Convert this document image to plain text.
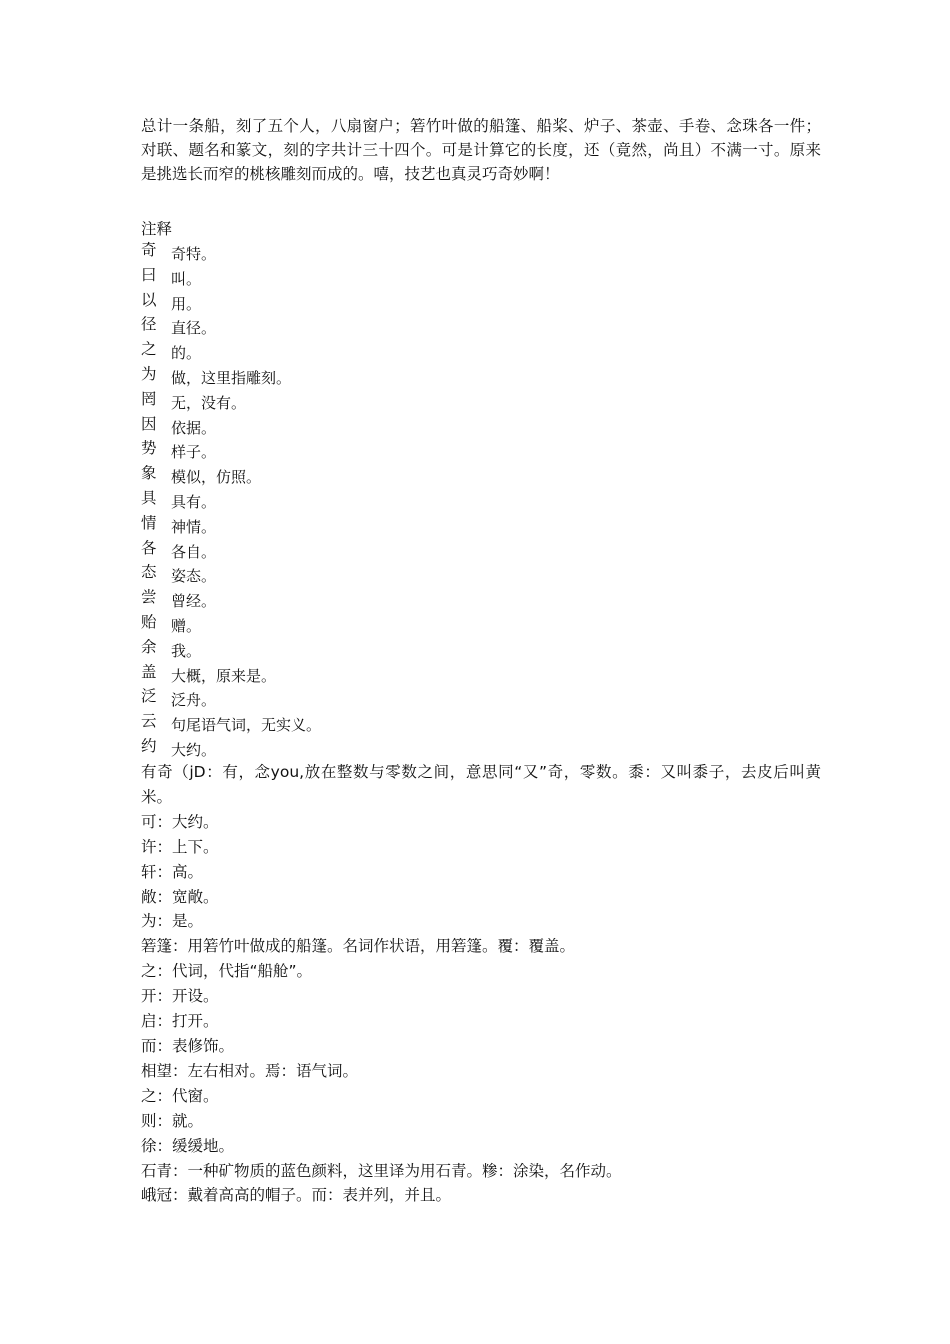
总计一条船，刻了五个人，八扇窗户；箬竹叶做的船篷、船桨、炉子、茶壶、手卷、念珠各一件；对联、题名和篆文，刻的字共计三十四个。可是计算它的长度，还（竟然，尚且）不满一寸。原来是挑选长而窄的桃核雕刻而成的。嘻，技艺也真灵巧奇妙啊！

注释
奇 奇特。
曰 叫。
以 用。
径 直径。
之 的。
为 做，这里指雕刻。
罔 无，没有。
因 依据。
势 样子。
象 模似，仿照。
具 具有。
情 神情。
各 各自。
态 姿态。
尝 曾经。
贻 赠。
余 我。
盖 大概，原来是。
泛 泛舟。
云 句尾语气词，无实义。
约 大约。

有奇（jD：有，念you,放在整数与零数之间，意思同“又”奇，零数。黍：又叫黍子，去皮后叫黄米。

可：大约。

许：上下。

轩：高。

敞：宽敞。

为：是。

箬篷：用箬竹叶做成的船篷。名词作状语，用箬篷。覆：覆盖。

之：代词，代指“船舱”。

开：开设。

启：打开。

而：表修饰。

相望：左右相对。焉：语气词。

之：代窗。

则：就。

徐：缓缓地。

石青：一种矿物质的蓝色颜料，这里译为用石青。糁：涂染，名作动。

峨冠：戴着高高的帽子。而：表并列，并且。
